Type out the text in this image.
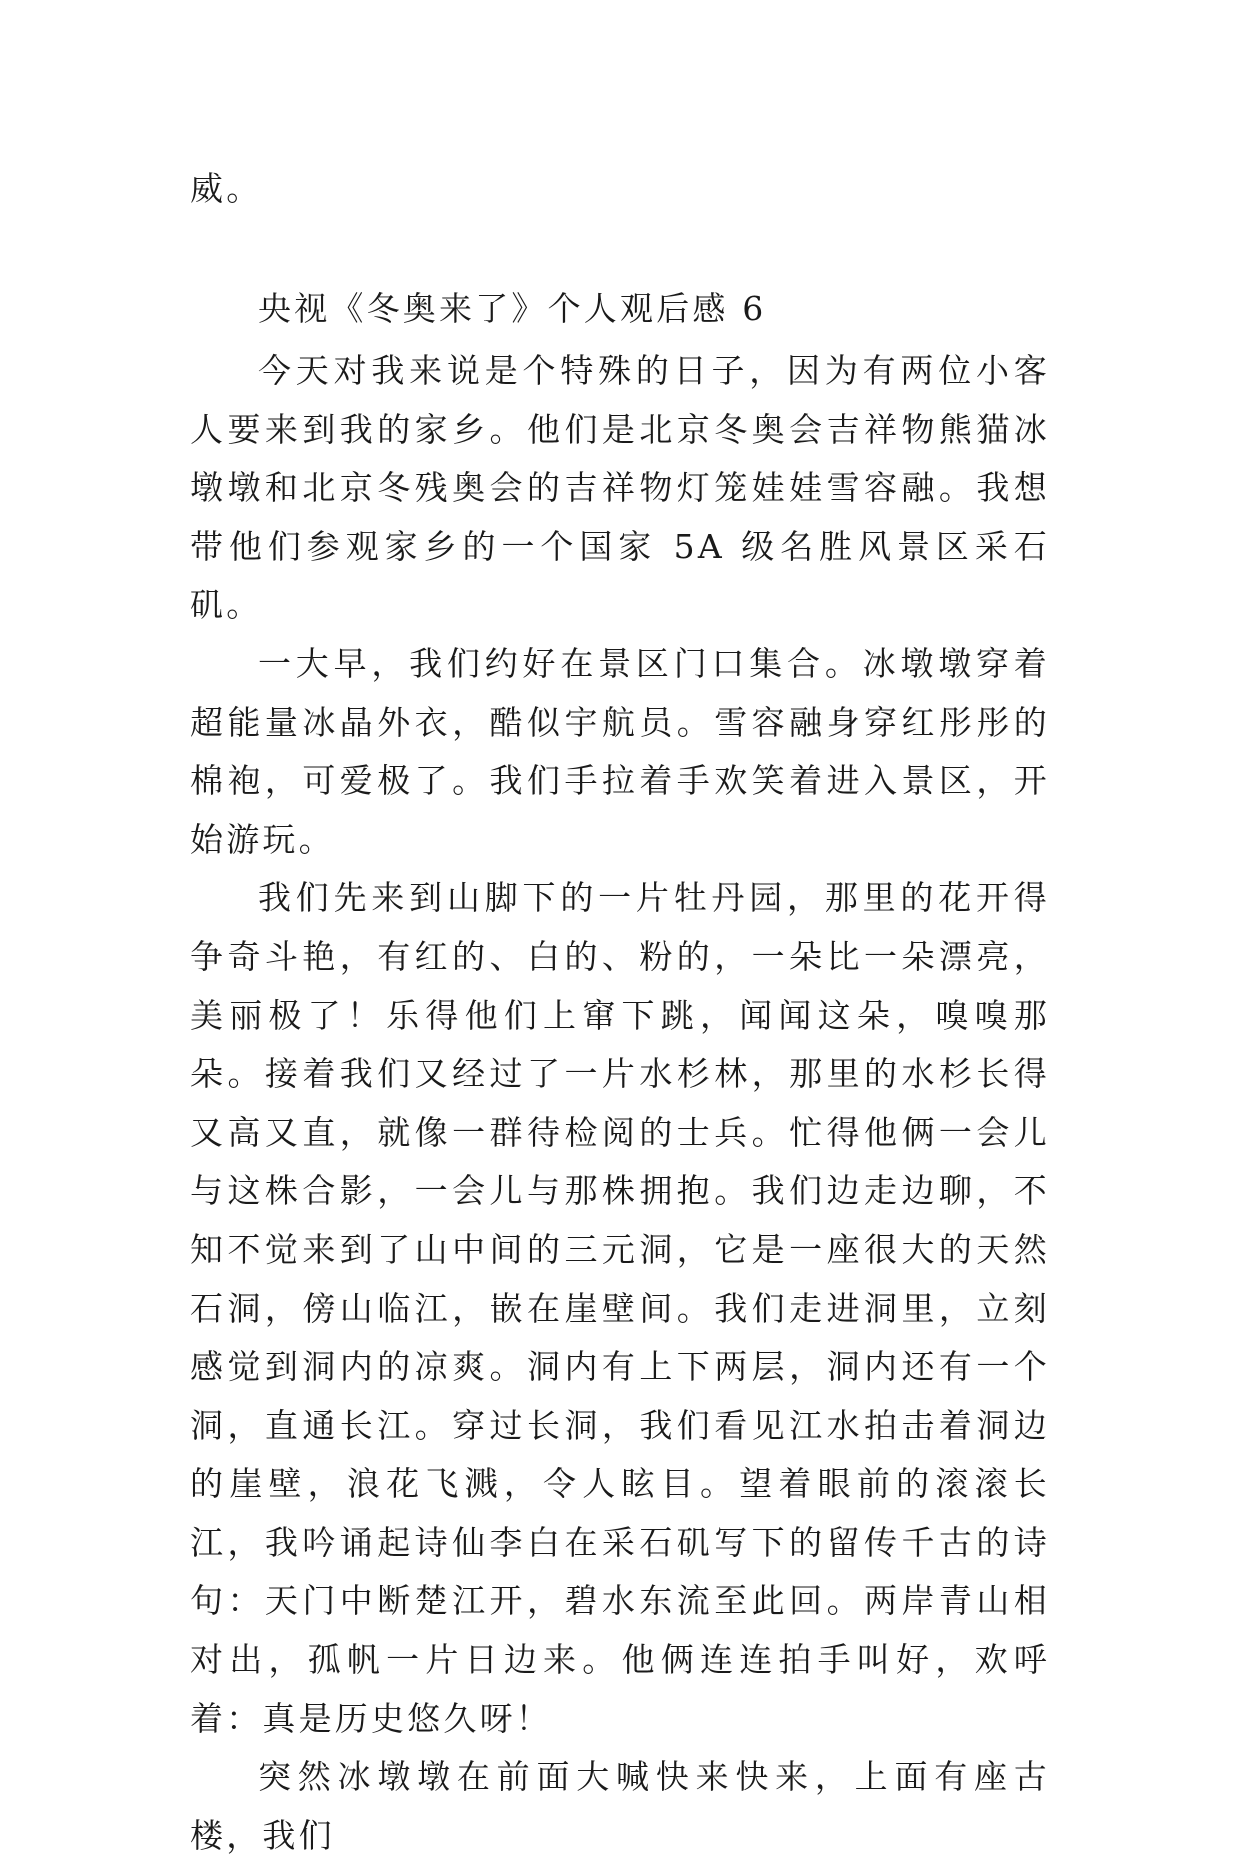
威。
央视《冬奥来了》个人观后感 6

今天对我来说是个特殊的日子，因为有两位小客人要来到我的家乡。他们是北京冬奥会吉祥物熊猫冰墩墩和北京冬残奥会的吉祥物灯笼娃娃雪容融。我想带他们参观家乡的一个国家 5A 级名胜风景区采石矶。

一大早，我们约好在景区门口集合。冰墩墩穿着超能量冰晶外衣，酷似宇航员。雪容融身穿红彤彤的棉袍，可爱极了。我们手拉着手欢笑着进入景区，开始游玩。

我们先来到山脚下的一片牡丹园，那里的花开得争奇斗艳，有红的、白的、粉的，一朵比一朵漂亮，美丽极了！乐得他们上窜下跳，闻闻这朵，嗅嗅那朵。接着我们又经过了一片水杉林，那里的水杉长得又高又直，就像一群待检阅的士兵。忙得他俩一会儿与这株合影，一会儿与那株拥抱。我们边走边聊，不知不觉来到了山中间的三元洞，它是一座很大的天然石洞，傍山临江，嵌在崖壁间。我们走进洞里，立刻感觉到洞内的凉爽。洞内有上下两层，洞内还有一个洞，直通长江。穿过长洞，我们看见江水拍击着洞边的崖壁，浪花飞溅，令人眩目。望着眼前的滚滚长江，我吟诵起诗仙李白在采石矶写下的留传千古的诗句：天门中断楚江开，碧水东流至此回。两岸青山相对出，孤帆一片日边来。他俩连连拍手叫好，欢呼着：真是历史悠久呀！

突然冰墩墩在前面大喊快来快来，上面有座古楼，我们
